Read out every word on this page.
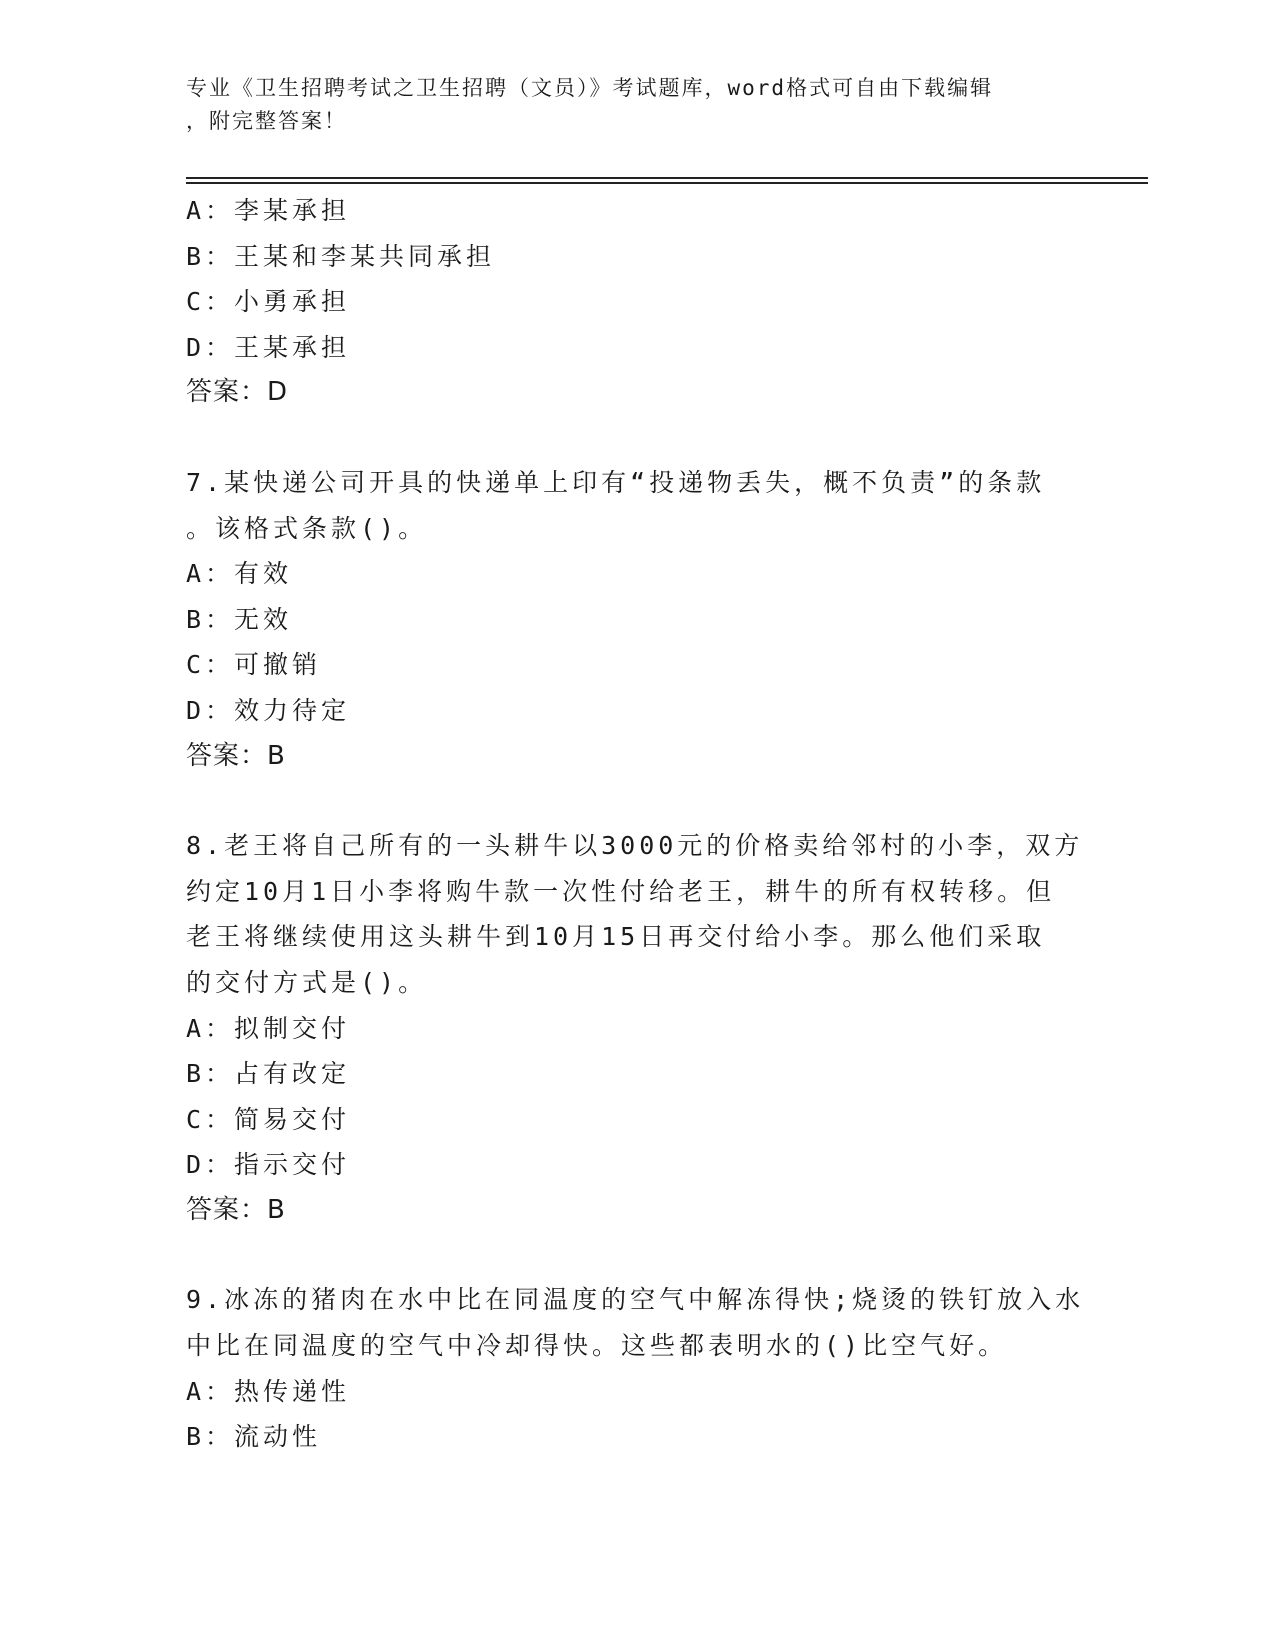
专业《卫生招聘考试之卫生招聘（文员）》考试题库，word格式可自由下载编辑
，附完整答案！
A：李某承担
B：王某和李某共同承担
C：小勇承担
D：王某承担
答案：D
7.某快递公司开具的快递单上印有“投递物丢失，概不负责”的条款
。该格式条款()。
A：有效
B：无效
C：可撤销
D：效力待定
答案：B
8.老王将自己所有的一头耕牛以3000元的价格卖给邻村的小李，双方
约定10月1日小李将购牛款一次性付给老王，耕牛的所有权转移。但
老王将继续使用这头耕牛到10月15日再交付给小李。那么他们采取
的交付方式是()。
A：拟制交付
B：占有改定
C：简易交付
D：指示交付
答案：B
9.冰冻的猪肉在水中比在同温度的空气中解冻得快;烧烫的铁钉放入水
中比在同温度的空气中冷却得快。这些都表明水的()比空气好。
A：热传递性
B：流动性
